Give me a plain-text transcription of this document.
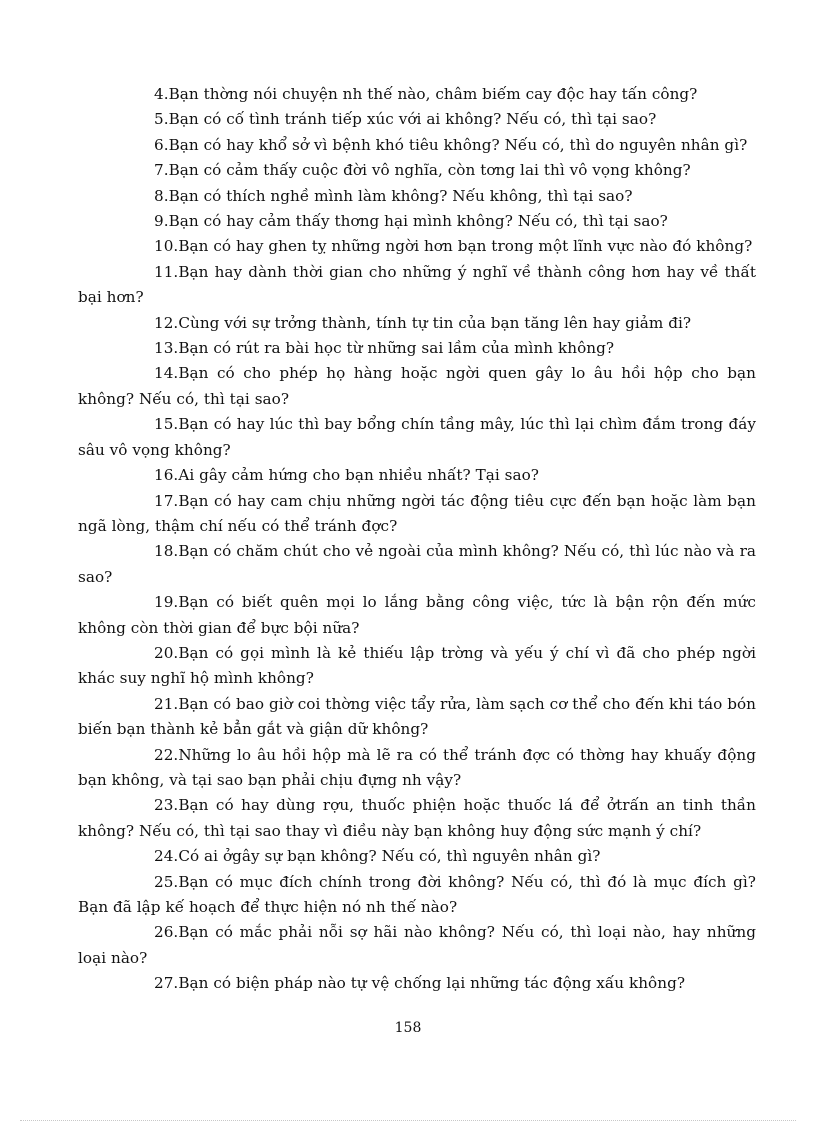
4.Bạn thờng nói chuyện nh thế nào, châm biếm cay độc hay tấn công?

5.Bạn có cố tình tránh tiếp xúc với ai không? Nếu có, thì tại sao?

6.Bạn có hay khổ sở vì bệnh khó tiêu không? Nếu có, thì do nguyên nhân gì?

7.Bạn có cảm thấy cuộc đời vô nghĩa, còn tơng lai thì vô vọng không?

8.Bạn có thích nghề mình làm không? Nếu không, thì tại sao?

9.Bạn có hay cảm thấy thơng hại mình không? Nếu có, thì tại sao?

10.Bạn có hay ghen tỵ những ngời hơn bạn trong một lĩnh vực nào đó không?

11.Bạn hay dành thời gian cho những ý nghĩ về thành công hơn hay về thất bại hơn?

12.Cùng với sự trởng thành, tính tự tin của bạn tăng lên hay giảm đi?

13.Bạn có rút ra bài học từ những sai lầm của mình không?

14.Bạn có cho phép họ hàng hoặc ngời quen gây lo âu hồi hộp cho bạn không? Nếu có, thì tại sao?

15.Bạn có hay lúc thì bay bổng chín tầng mây, lúc thì lại chìm đắm trong đáy sâu vô vọng không?

16.Ai gây cảm hứng cho bạn nhiều nhất? Tại sao?

17.Bạn có hay cam chịu những ngời tác động tiêu cực đến bạn hoặc làm bạn ngã lòng, thậm chí nếu có thể tránh đợc?

18.Bạn có chăm chút cho vẻ ngoài của mình không? Nếu có, thì lúc nào và ra sao?

19.Bạn có biết quên mọi lo lắng bằng công việc, tức là bận rộn đến mức không còn thời gian để bực bội nữa?

20.Bạn có gọi mình là kẻ thiếu lập trờng và yếu ý chí vì đã cho phép ngời khác suy nghĩ hộ mình không?

21.Bạn có bao giờ coi thờng việc tẩy rửa, làm sạch cơ thể cho đến khi táo bón biến bạn thành kẻ bẳn gắt và giận dữ không?

22.Những lo âu hồi hộp mà lẽ ra có thể tránh đợc có thờng hay khuấy động bạn không, và tại sao bạn phải chịu đựng nh vậy?

23.Bạn có hay dùng rợu, thuốc phiện hoặc thuốc lá để ởtrấn an tinh thần không? Nếu có, thì tại sao thay vì điều này bạn không huy động sức mạnh ý chí?

24.Có ai ởgây sự bạn không? Nếu có, thì nguyên nhân gì?

25.Bạn có mục đích chính trong đời không? Nếu có, thì đó là mục đích gì? Bạn đã lập kế hoạch để thực hiện nó nh thế nào?

26.Bạn có mắc phải nỗi sợ hãi nào không? Nếu có, thì loại nào, hay những loại nào?

27.Bạn có biện pháp nào tự vệ chống lại những tác động xấu không?

158
